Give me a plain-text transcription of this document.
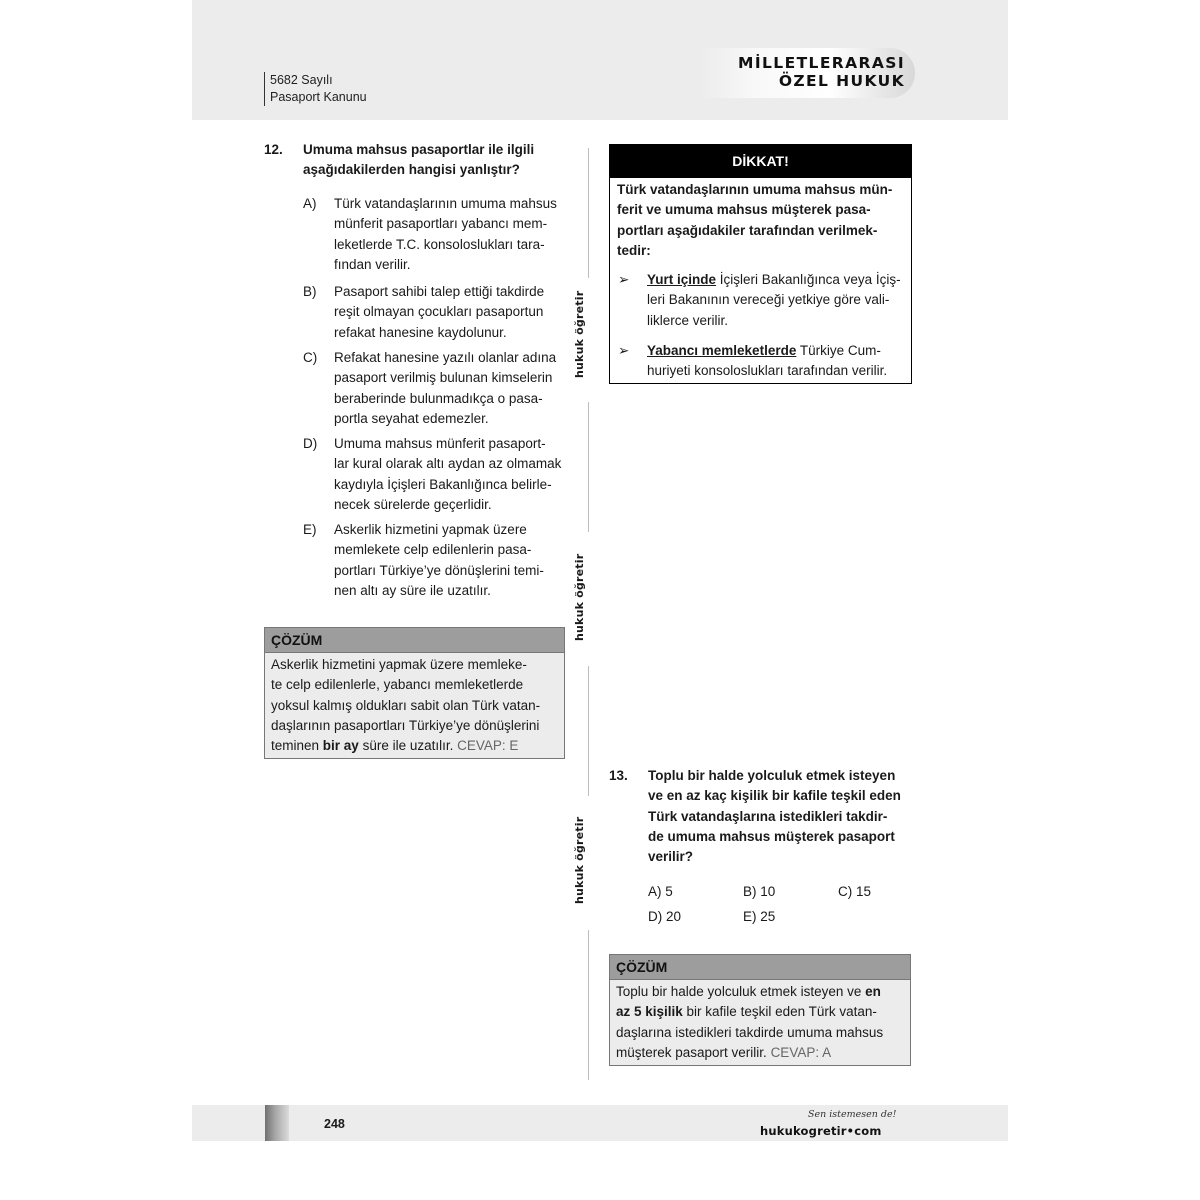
5682 Sayılı
Pasaport Kanunu
MİLLETLERARASI
ÖZEL HUKUK
12. Umuma mahsus pasaportlar ile ilgili
aşağıdakilerden hangisi yanlıştır?
A) Türk vatandaşlarının umuma mahsus
münferit pasaportları yabancı mem-
leketlerde T.C. konsoloslukları tara-
fından verilir.
B) Pasaport sahibi talep ettiği takdirde
reşit olmayan çocukları pasaportun
refakat hanesine kaydolunur.
C) Refakat hanesine yazılı olanlar adına
pasaport verilmiş bulunan kimselerin
beraberinde bulunmadıkça o pasa-
portla seyahat edemezler.
D) Umuma mahsus münferit pasaport-
lar kural olarak altı aydan az olmamak
kaydıyla İçişleri Bakanlığınca belirle-
necek sürelerde geçerlidir.
E) Askerlik hizmetini yapmak üzere
memlekete celp edilenlerin pasa-
portları Türkiye’ye dönüşlerini temi-
nen altı ay süre ile uzatılır.
ÇÖZÜM
Askerlik hizmetini yapmak üzere memleke-
te celp edilenlerle, yabancı memleketlerde
yoksul kalmış oldukları sabit olan Türk vatan-
daşlarının pasaportları Türkiye’ye dönüşlerini
teminen bir ay süre ile uzatılır. CEVAP: E
hukuk öğretir
hukuk öğretir
hukuk öğretir
DİKKAT!
Türk vatandaşlarının umuma mahsus mün-
ferit ve umuma mahsus müşterek pasa-
portları aşağıdakiler tarafından verilmek-
tedir:
➢ Yurt içinde İçişleri Bakanlığınca veya İçiş-
leri Bakanının vereceği yetkiye göre vali-
liklerce verilir.
➢ Yabancı memleketlerde Türkiye Cum-
huriyeti konsoloslukları tarafından verilir.
13. Toplu bir halde yolculuk etmek isteyen
ve en az kaç kişilik bir kafile teşkil eden
Türk vatandaşlarına istedikleri takdir-
de umuma mahsus müşterek pasaport
verilir?
A) 5	B) 10	C) 15
D) 20	E) 25
ÇÖZÜM
Toplu bir halde yolculuk etmek isteyen ve en
az 5 kişilik bir kafile teşkil eden Türk vatan-
daşlarına istedikleri takdirde umuma mahsus
müşterek pasaport verilir. CEVAP: A
248
Sen istemesen de!
hukukogretir•com
